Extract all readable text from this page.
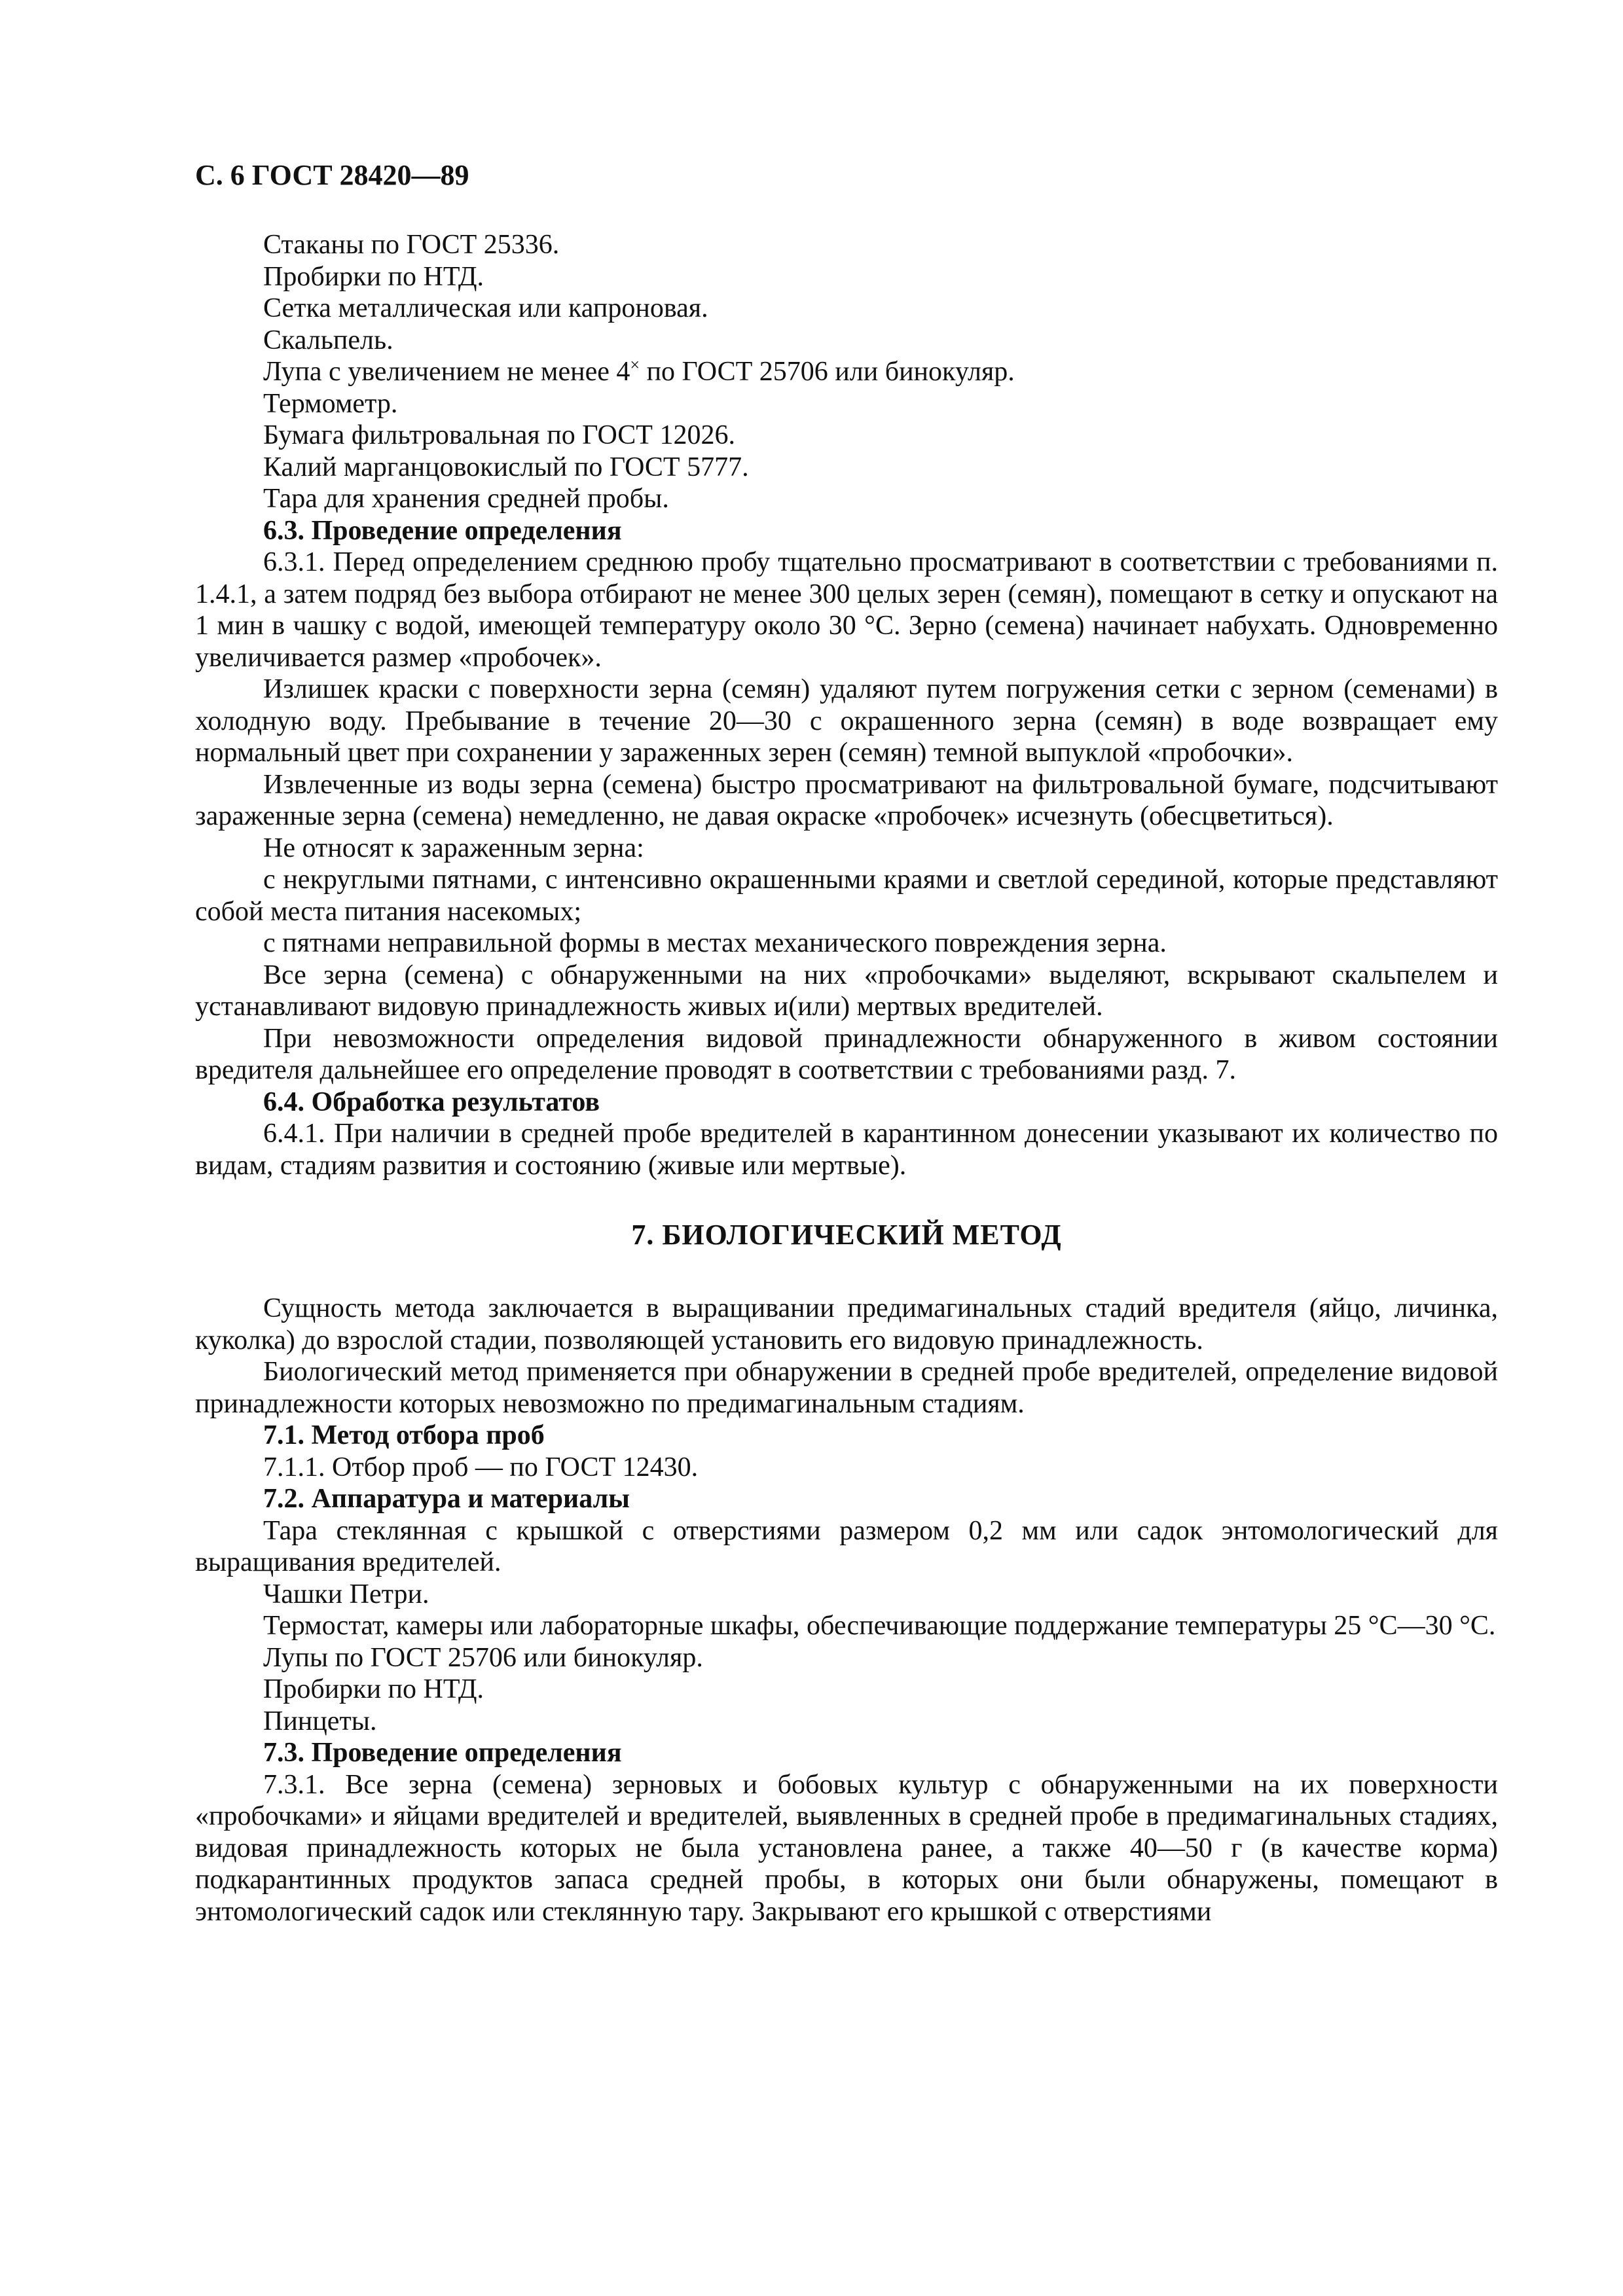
С. 6 ГОСТ 28420—89

Стаканы по ГОСТ 25336.

Пробирки по НТД.

Сетка металлическая или капроновая.

Скальпель.

Лупа с увеличением не менее 4× по ГОСТ 25706 или бинокуляр.

Термометр.

Бумага фильтровальная по ГОСТ 12026.

Калий марганцовокислый по ГОСТ 5777.

Тара для хранения средней пробы.

6.3. Проведение определения

6.3.1. Перед определением среднюю пробу тщательно просматривают в соответствии с требованиями п. 1.4.1, а затем подряд без выбора отбирают не менее 300 целых зерен (семян), помещают в сетку и опускают на 1 мин в чашку с водой, имеющей температуру около 30 °С. Зерно (семена) начинает набухать. Одновременно увеличивается размер «пробочек».

Излишек краски с поверхности зерна (семян) удаляют путем погружения сетки с зерном (семенами) в холодную воду. Пребывание в течение 20—30 с окрашенного зерна (семян) в воде возвращает ему нормальный цвет при сохранении у зараженных зерен (семян) темной выпуклой «пробочки».

Извлеченные из воды зерна (семена) быстро просматривают на фильтровальной бумаге, подсчитывают зараженные зерна (семена) немедленно, не давая окраске «пробочек» исчезнуть (обесцветиться).

Не относят к зараженным зерна:

с некруглыми пятнами, с интенсивно окрашенными краями и светлой серединой, которые представляют собой места питания насекомых;

с пятнами неправильной формы в местах механического повреждения зерна.

Все зерна (семена) с обнаруженными на них «пробочками» выделяют, вскрывают скальпелем и устанавливают видовую принадлежность живых и(или) мертвых вредителей.

При невозможности определения видовой принадлежности обнаруженного в живом состоянии вредителя дальнейшее его определение проводят в соответствии с требованиями разд. 7.

6.4. Обработка результатов

6.4.1. При наличии в средней пробе вредителей в карантинном донесении указывают их количество по видам, стадиям развития и состоянию (живые или мертвые).

7. БИОЛОГИЧЕСКИЙ МЕТОД

Сущность метода заключается в выращивании предимагинальных стадий вредителя (яйцо, личинка, куколка) до взрослой стадии, позволяющей установить его видовую принадлежность.

Биологический метод применяется при обнаружении в средней пробе вредителей, определение видовой принадлежности которых невозможно по предимагинальным стадиям.

7.1. Метод отбора проб

7.1.1. Отбор проб — по ГОСТ 12430.

7.2. Аппаратура и материалы

Тара стеклянная с крышкой с отверстиями размером 0,2 мм или садок энтомологический для выращивания вредителей.

Чашки Петри.

Термостат, камеры или лабораторные шкафы, обеспечивающие поддержание температуры 25 °С—30 °С.

Лупы по ГОСТ 25706 или бинокуляр.

Пробирки по НТД.

Пинцеты.

7.3. Проведение определения

7.3.1. Все зерна (семена) зерновых и бобовых культур с обнаруженными на их поверхности «пробочками» и яйцами вредителей и вредителей, выявленных в средней пробе в предимагинальных стадиях, видовая принадлежность которых не была установлена ранее, а также 40—50 г (в качестве корма) подкарантинных продуктов запаса средней пробы, в которых они были обнаружены, помещают в энтомологический садок или стеклянную тару. Закрывают его крышкой с отверстиями
